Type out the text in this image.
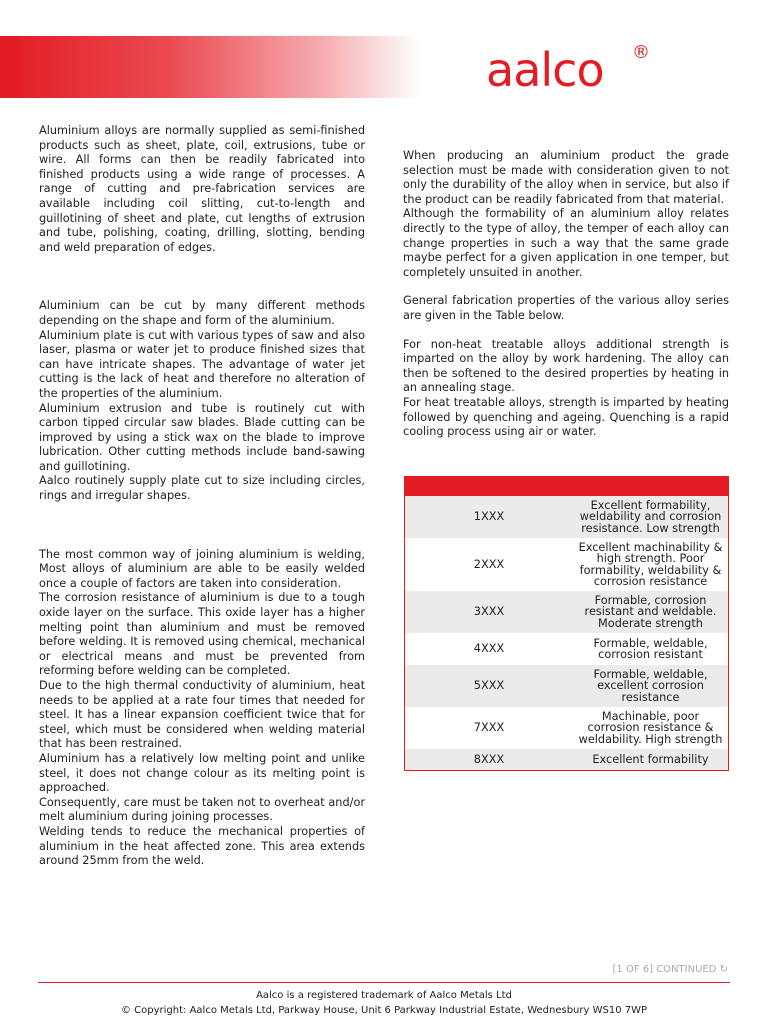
aalco ®

Aluminium alloys are normally supplied as semi-finished products such as sheet, plate, coil, extrusions, tube or wire. All forms can then be readily fabricated into finished products using a wide range of processes. A range of cutting and pre-fabrication services are available including coil slitting, cut-to-length and guillotining of sheet and plate, cut lengths of extrusion and tube, polishing, coating, drilling, slotting, bending and weld preparation of edges.

Aluminium can be cut by many different methods depending on the shape and form of the aluminium.

Aluminium plate is cut with various types of saw and also laser, plasma or water jet to produce finished sizes that can have intricate shapes. The advantage of water jet cutting is the lack of heat and therefore no alteration of the properties of the aluminium.

Aluminium extrusion and tube is routinely cut with carbon tipped circular saw blades. Blade cutting can be improved by using a stick wax on the blade to improve lubrication. Other cutting methods include band-sawing and guillotining.

Aalco routinely supply plate cut to size including circles, rings and irregular shapes.

The most common way of joining aluminium is welding, Most alloys of aluminium are able to be easily welded once a couple of factors are taken into consideration.

The corrosion resistance of aluminium is due to a tough oxide layer on the surface. This oxide layer has a higher melting point than aluminium and must be removed before welding. It is removed using chemical, mechanical or electrical means and must be prevented from reforming before welding can be completed.

Due to the high thermal conductivity of aluminium, heat needs to be applied at a rate four times that needed for steel. It has a linear expansion coefficient twice that for steel, which must be considered when welding material that has been restrained.

Aluminium has a relatively low melting point and unlike steel, it does not change colour as its melting point is approached.

Consequently, care must be taken not to overheat and/or melt aluminium during joining processes.

Welding tends to reduce the mechanical properties of aluminium in the heat affected zone. This area extends around 25mm from the weld.

When producing an aluminium product the grade selection must be made with consideration given to not only the durability of the alloy when in service, but also if the product can be readily fabricated from that material.

Although the formability of an aluminium alloy relates directly to the type of alloy, the temper of each alloy can change properties in such a way that the same grade maybe perfect for a given application in one temper, but completely unsuited in another.

General fabrication properties of the various alloy series are given in the Table below.

For non-heat treatable alloys additional strength is imparted on the alloy by work hardening. The alloy can then be softened to the desired properties by heating in an annealing stage.

For heat treatable alloys, strength is imparted by heating followed by quenching and ageing. Quenching is a rapid cooling process using air or water.

1XXX	Excellent formability, weldability and corrosion resistance. Low strength
2XXX	Excellent machinability & high strength. Poor formability, weldability & corrosion resistance
3XXX	Formable, corrosion resistant and weldable. Moderate strength
4XXX	Formable, weldable, corrosion resistant
5XXX	Formable, weldable, excellent corrosion resistance
7XXX	Machinable, poor corrosion resistance & weldability. High strength
8XXX	Excellent formability
[1 OF 6] CONTINUED ↻

Aalco is a registered trademark of Aalco Metals Ltd

© Copyright: Aalco Metals Ltd, Parkway House, Unit 6 Parkway Industrial Estate, Wednesbury WS10 7WP
